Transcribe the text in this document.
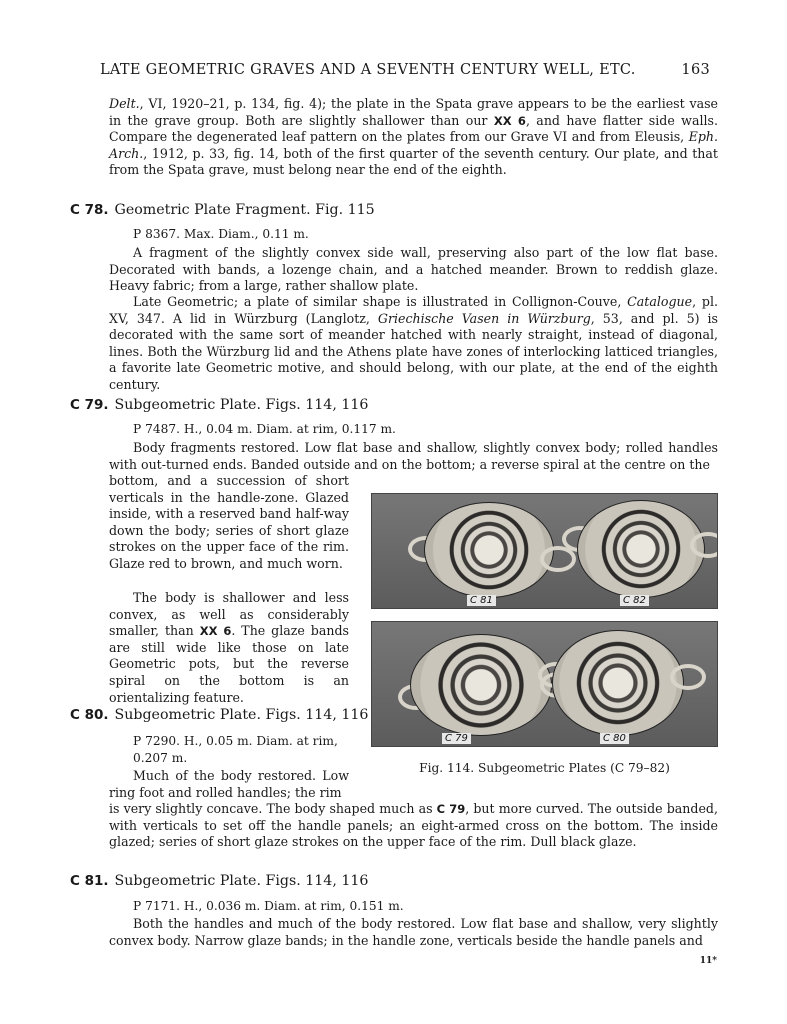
LATE GEOMETRIC GRAVES AND A SEVENTH CENTURY WELL, ETC.	163

Delt., VI, 1920–21, p. 134, fig. 4); the plate in the Spata grave appears to be the earliest vase in the grave group. Both are slightly shallower than our XX 6, and have flatter side walls. Compare the degenerated leaf pattern on the plates from our Grave VI and from Eleusis, Eph. Arch., 1912, p. 33, fig. 14, both of the first quarter of the seventh century. Our plate, and that from the Spata grave, must belong near the end of the eighth.

C 78. Geometric Plate Fragment. Fig. 115
P 8367. Max. Diam., 0.11 m.

A fragment of the slightly convex side wall, preserving also part of the low flat base. Decorated with bands, a lozenge chain, and a hatched meander. Brown to reddish glaze. Heavy fabric; from a large, rather shallow plate.

Late Geometric; a plate of similar shape is illustrated in Collignon-Couve, Catalogue, pl. XV, 347. A lid in Würzburg (Langlotz, Griechische Vasen in Würzburg, 53, and pl. 5) is decorated with the same sort of meander hatched with nearly straight, instead of diagonal, lines. Both the Würzburg lid and the Athens plate have zones of interlocking latticed triangles, a favorite late Geometric motive, and should belong, with our plate, at the end of the eighth century.

C 79. Subgeometric Plate. Figs. 114, 116
P 7487. H., 0.04 m. Diam. at rim, 0.117 m.

Body fragments restored. Low flat base and shallow, slightly convex body; rolled handles with out-turned ends. Banded outside and on the bottom; a reverse spiral at the centre on the

bottom, and a succession of short verticals in the handle-zone. Glazed inside, with a reserved band half-way down the body; series of short glaze strokes on the upper face of the rim. Glaze red to brown, and much worn.

The body is shallower and less convex, as well as considerably smaller, than XX 6. The glaze bands are still wide like those on late Geometric pots, but the reverse spiral on the bottom is an orientalizing feature.

C 80. Subgeometric Plate. Figs. 114, 116
P 7290. H., 0.05 m. Diam. at rim, 0.207 m.

Much of the body restored. Low ring foot and rolled handles; the rim

is very slightly concave. The body shaped much as C 79, but more curved. The outside banded, with verticals to set off the handle panels; an eight-armed cross on the bottom. The inside glazed; series of short glaze strokes on the upper face of the rim. Dull black glaze.

C 81. Subgeometric Plate. Figs. 114, 116
P 7171. H., 0.036 m. Diam. at rim, 0.151 m.

Both the handles and much of the body restored. Low flat base and shallow, very slightly convex body. Narrow glaze bands; in the handle zone, verticals beside the handle panels and

C 81	C 82
C 79	C 80
Fig. 114. Subgeometric Plates (C 79–82)
11*
